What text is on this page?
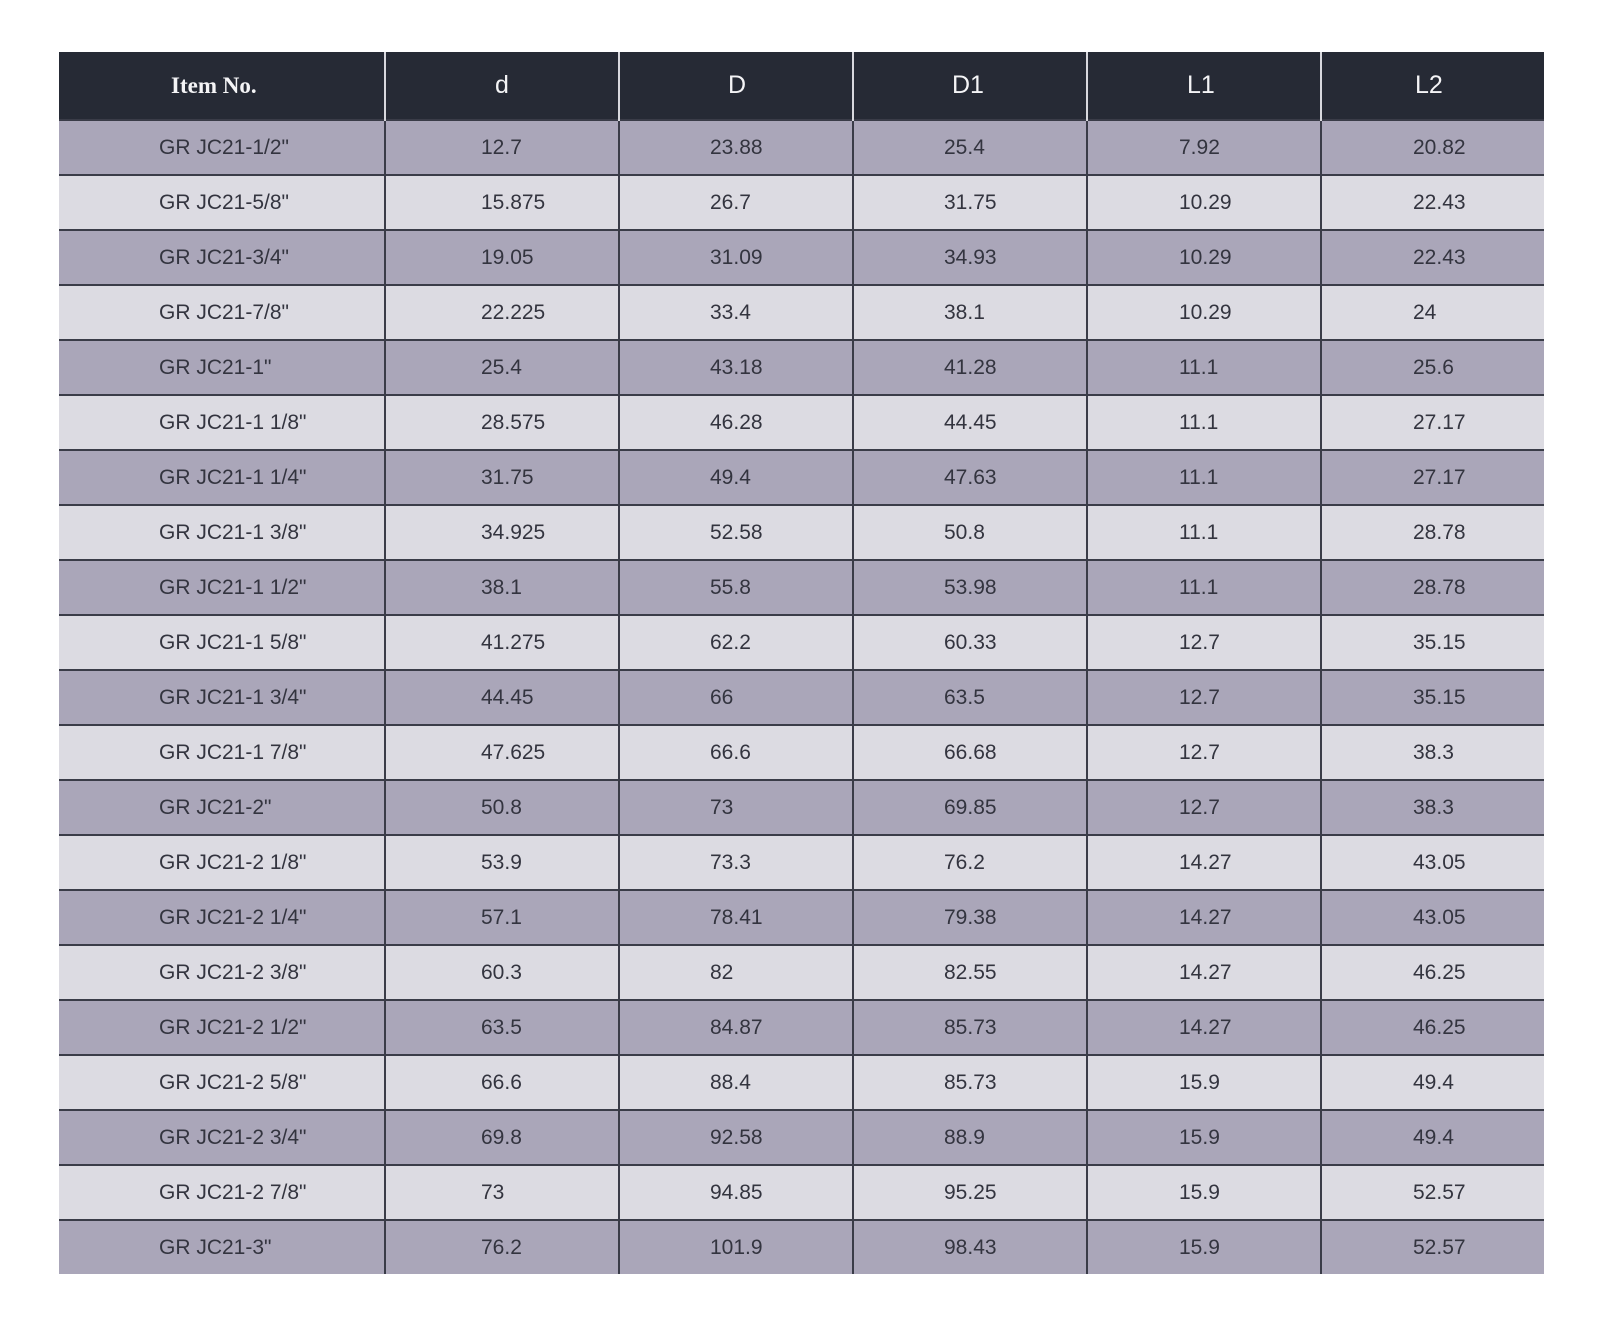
Item No.	d	D	D1	L1	L2
GR JC21-1/2"	12.7	23.88	25.4	7.92	20.82
GR JC21-5/8"	15.875	26.7	31.75	10.29	22.43
GR JC21-3/4"	19.05	31.09	34.93	10.29	22.43
GR JC21-7/8"	22.225	33.4	38.1	10.29	24
GR JC21-1"	25.4	43.18	41.28	11.1	25.6
GR JC21-1 1/8"	28.575	46.28	44.45	11.1	27.17
GR JC21-1 1/4"	31.75	49.4	47.63	11.1	27.17
GR JC21-1 3/8"	34.925	52.58	50.8	11.1	28.78
GR JC21-1 1/2"	38.1	55.8	53.98	11.1	28.78
GR JC21-1 5/8"	41.275	62.2	60.33	12.7	35.15
GR JC21-1 3/4"	44.45	66	63.5	12.7	35.15
GR JC21-1 7/8"	47.625	66.6	66.68	12.7	38.3
GR JC21-2"	50.8	73	69.85	12.7	38.3
GR JC21-2 1/8"	53.9	73.3	76.2	14.27	43.05
GR JC21-2 1/4"	57.1	78.41	79.38	14.27	43.05
GR JC21-2 3/8"	60.3	82	82.55	14.27	46.25
GR JC21-2 1/2"	63.5	84.87	85.73	14.27	46.25
GR JC21-2 5/8"	66.6	88.4	85.73	15.9	49.4
GR JC21-2 3/4"	69.8	92.58	88.9	15.9	49.4
GR JC21-2 7/8"	73	94.85	95.25	15.9	52.57
GR JC21-3"	76.2	101.9	98.43	15.9	52.57
